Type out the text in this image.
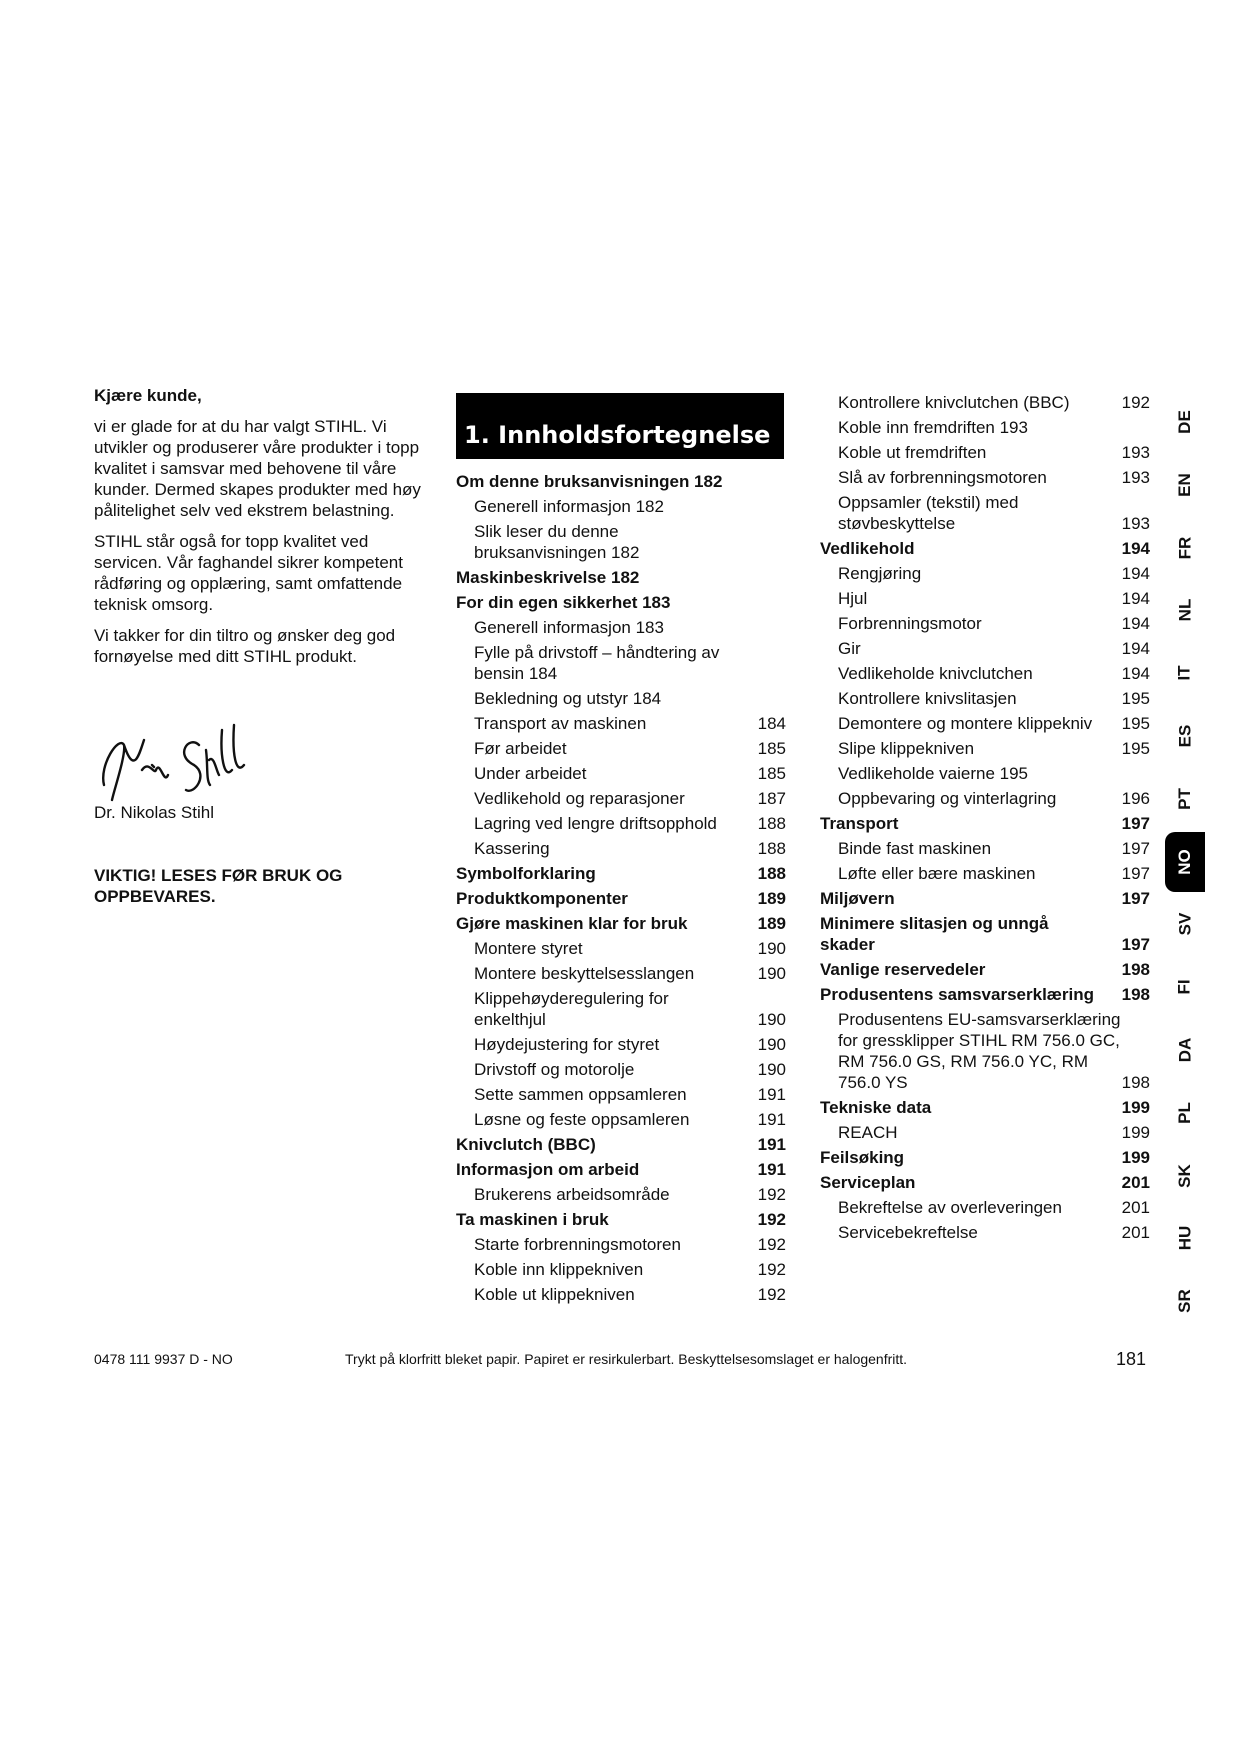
Kjære kunde,

vi er glade for at du har valgt STIHL. Vi utvikler og produserer våre produkter i topp kvalitet i samsvar med behovene til våre kunder. Dermed skapes produkter med høy pålitelighet selv ved ekstrem belastning.

STIHL står også for topp kvalitet ved servicen. Vår faghandel sikrer kompetent rådføring og opplæring, samt omfattende teknisk omsorg.

Vi takker for din tiltro og ønsker deg god fornøyelse med ditt STIHL produkt.

Dr. Nikolas Stihl
VIKTIG! LESES FØR BRUK OG OPPBEVARES.
1. Innholdsfortegnelse
Om denne bruksanvisningen 182
Generell informasjon 182
Slik leser du denne bruksanvisningen 182
Maskinbeskrivelse 182
For din egen sikkerhet 183
Generell informasjon 183
Fylle på drivstoff – håndtering av bensin 184
Bekledning og utstyr 184
Transport av maskinen	184
Før arbeidet	185
Under arbeidet	185
Vedlikehold og reparasjoner	187
Lagring ved lengre driftsopphold	188
Kassering	188
Symbolforklaring	188
Produktkomponenter	189
Gjøre maskinen klar for bruk	189
Montere styret	190
Montere beskyttelsesslangen	190
Klippehøyderegulering for enkelthjul	190
Høydejustering for styret	190
Drivstoff og motorolje	190
Sette sammen oppsamleren	191
Løsne og feste oppsamleren	191
Knivclutch (BBC)	191
Informasjon om arbeid	191
Brukerens arbeidsområde	192
Ta maskinen i bruk	192
Starte forbrenningsmotoren	192
Koble inn klippekniven	192
Koble ut klippekniven	192
Kontrollere knivclutchen (BBC)	192
Koble inn fremdriften 193
Koble ut fremdriften	193
Slå av forbrenningsmotoren	193
Oppsamler (tekstil) med støvbeskyttelse	193
Vedlikehold	194
Rengjøring	194
Hjul	194
Forbrenningsmotor	194
Gir	194
Vedlikeholde knivclutchen	194
Kontrollere knivslitasjen	195
Demontere og montere klippekniv	195
Slipe klippekniven	195
Vedlikeholde vaierne 195
Oppbevaring og vinterlagring	196
Transport	197
Binde fast maskinen	197
Løfte eller bære maskinen	197
Miljøvern	197
Minimere slitasjen og unngå skader	197
Vanlige reservedeler	198
Produsentens samsvarserklæring	198
Produsentens EU-samsvarserklæring for gressklipper STIHL RM 756.0 GC, RM 756.0 GS, RM 756.0 YC, RM 756.0 YS	198
Tekniske data	199
REACH	199
Feilsøking	199
Serviceplan	201
Bekreftelse av overleveringen	201
Servicebekreftelse	201
DE
EN
FR
NL
IT
ES
PT
NO
SV
FI
DA
PL
SK
HU
SR
0478 111 9937 D - NO	Trykt på klorfritt bleket papir. Papiret er resirkulerbart. Beskyttelsesomslaget er halogenfritt.	181
